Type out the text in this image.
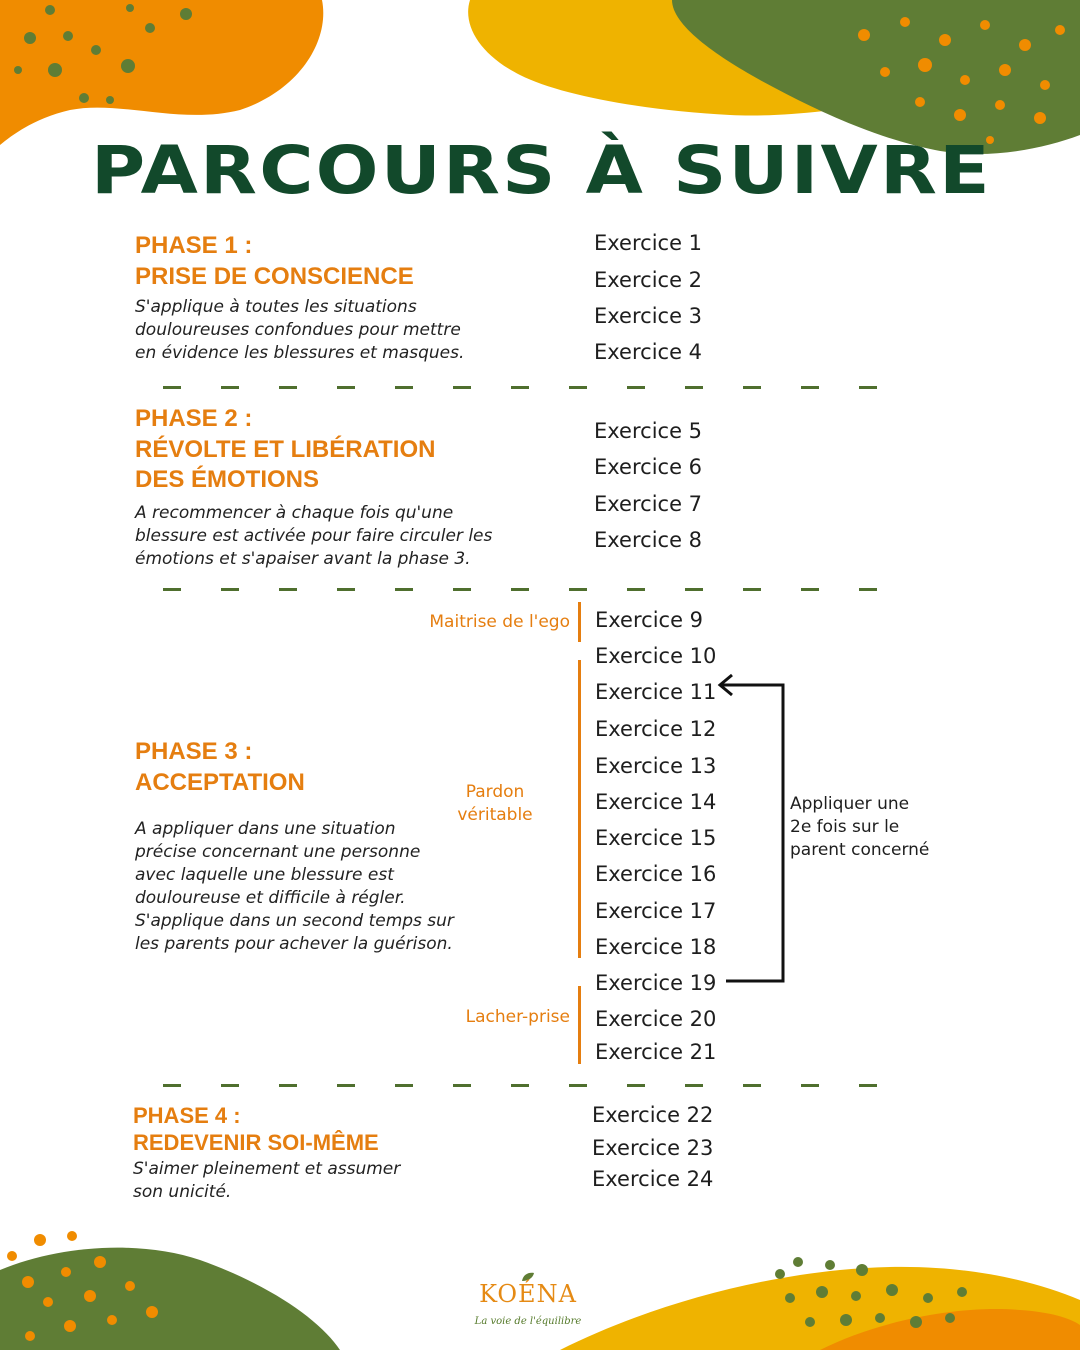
PARCOURS À SUIVRE
PHASE 1 :
PRISE DE CONSCIENCE
S'applique à toutes les situations
douloureuses confondues pour mettre
en évidence les blessures et masques.
Exercice 1
Exercice 2
Exercice 3
Exercice 4
PHASE 2 :
RÉVOLTE ET LIBÉRATION
DES ÉMOTIONS
A recommencer à chaque fois qu'une
blessure est activée pour faire circuler les
émotions et s'apaiser avant la phase 3.
Exercice 5
Exercice 6
Exercice 7
Exercice 8
PHASE 3 :
ACCEPTATION
A appliquer dans une situation
précise concernant une personne
avec laquelle une blessure est
douloureuse et difficile à régler.
S'applique dans un second temps sur
les parents pour achever la guérison.
Maitrise de l'ego
Pardon
véritable
Lacher-prise
Exercice 9
Exercice 10
Exercice 11
Exercice 12
Exercice 13
Exercice 14
Exercice 15
Exercice 16
Exercice 17
Exercice 18
Exercice 19
Exercice 20
Exercice 21
Appliquer une
2e fois sur le
parent concerné
PHASE 4 :
REDEVENIR SOI-MÊME
S'aimer pleinement et assumer
son unicité.
Exercice 22
Exercice 23
Exercice 24
KOÉNA
La voie de l'équilibre
